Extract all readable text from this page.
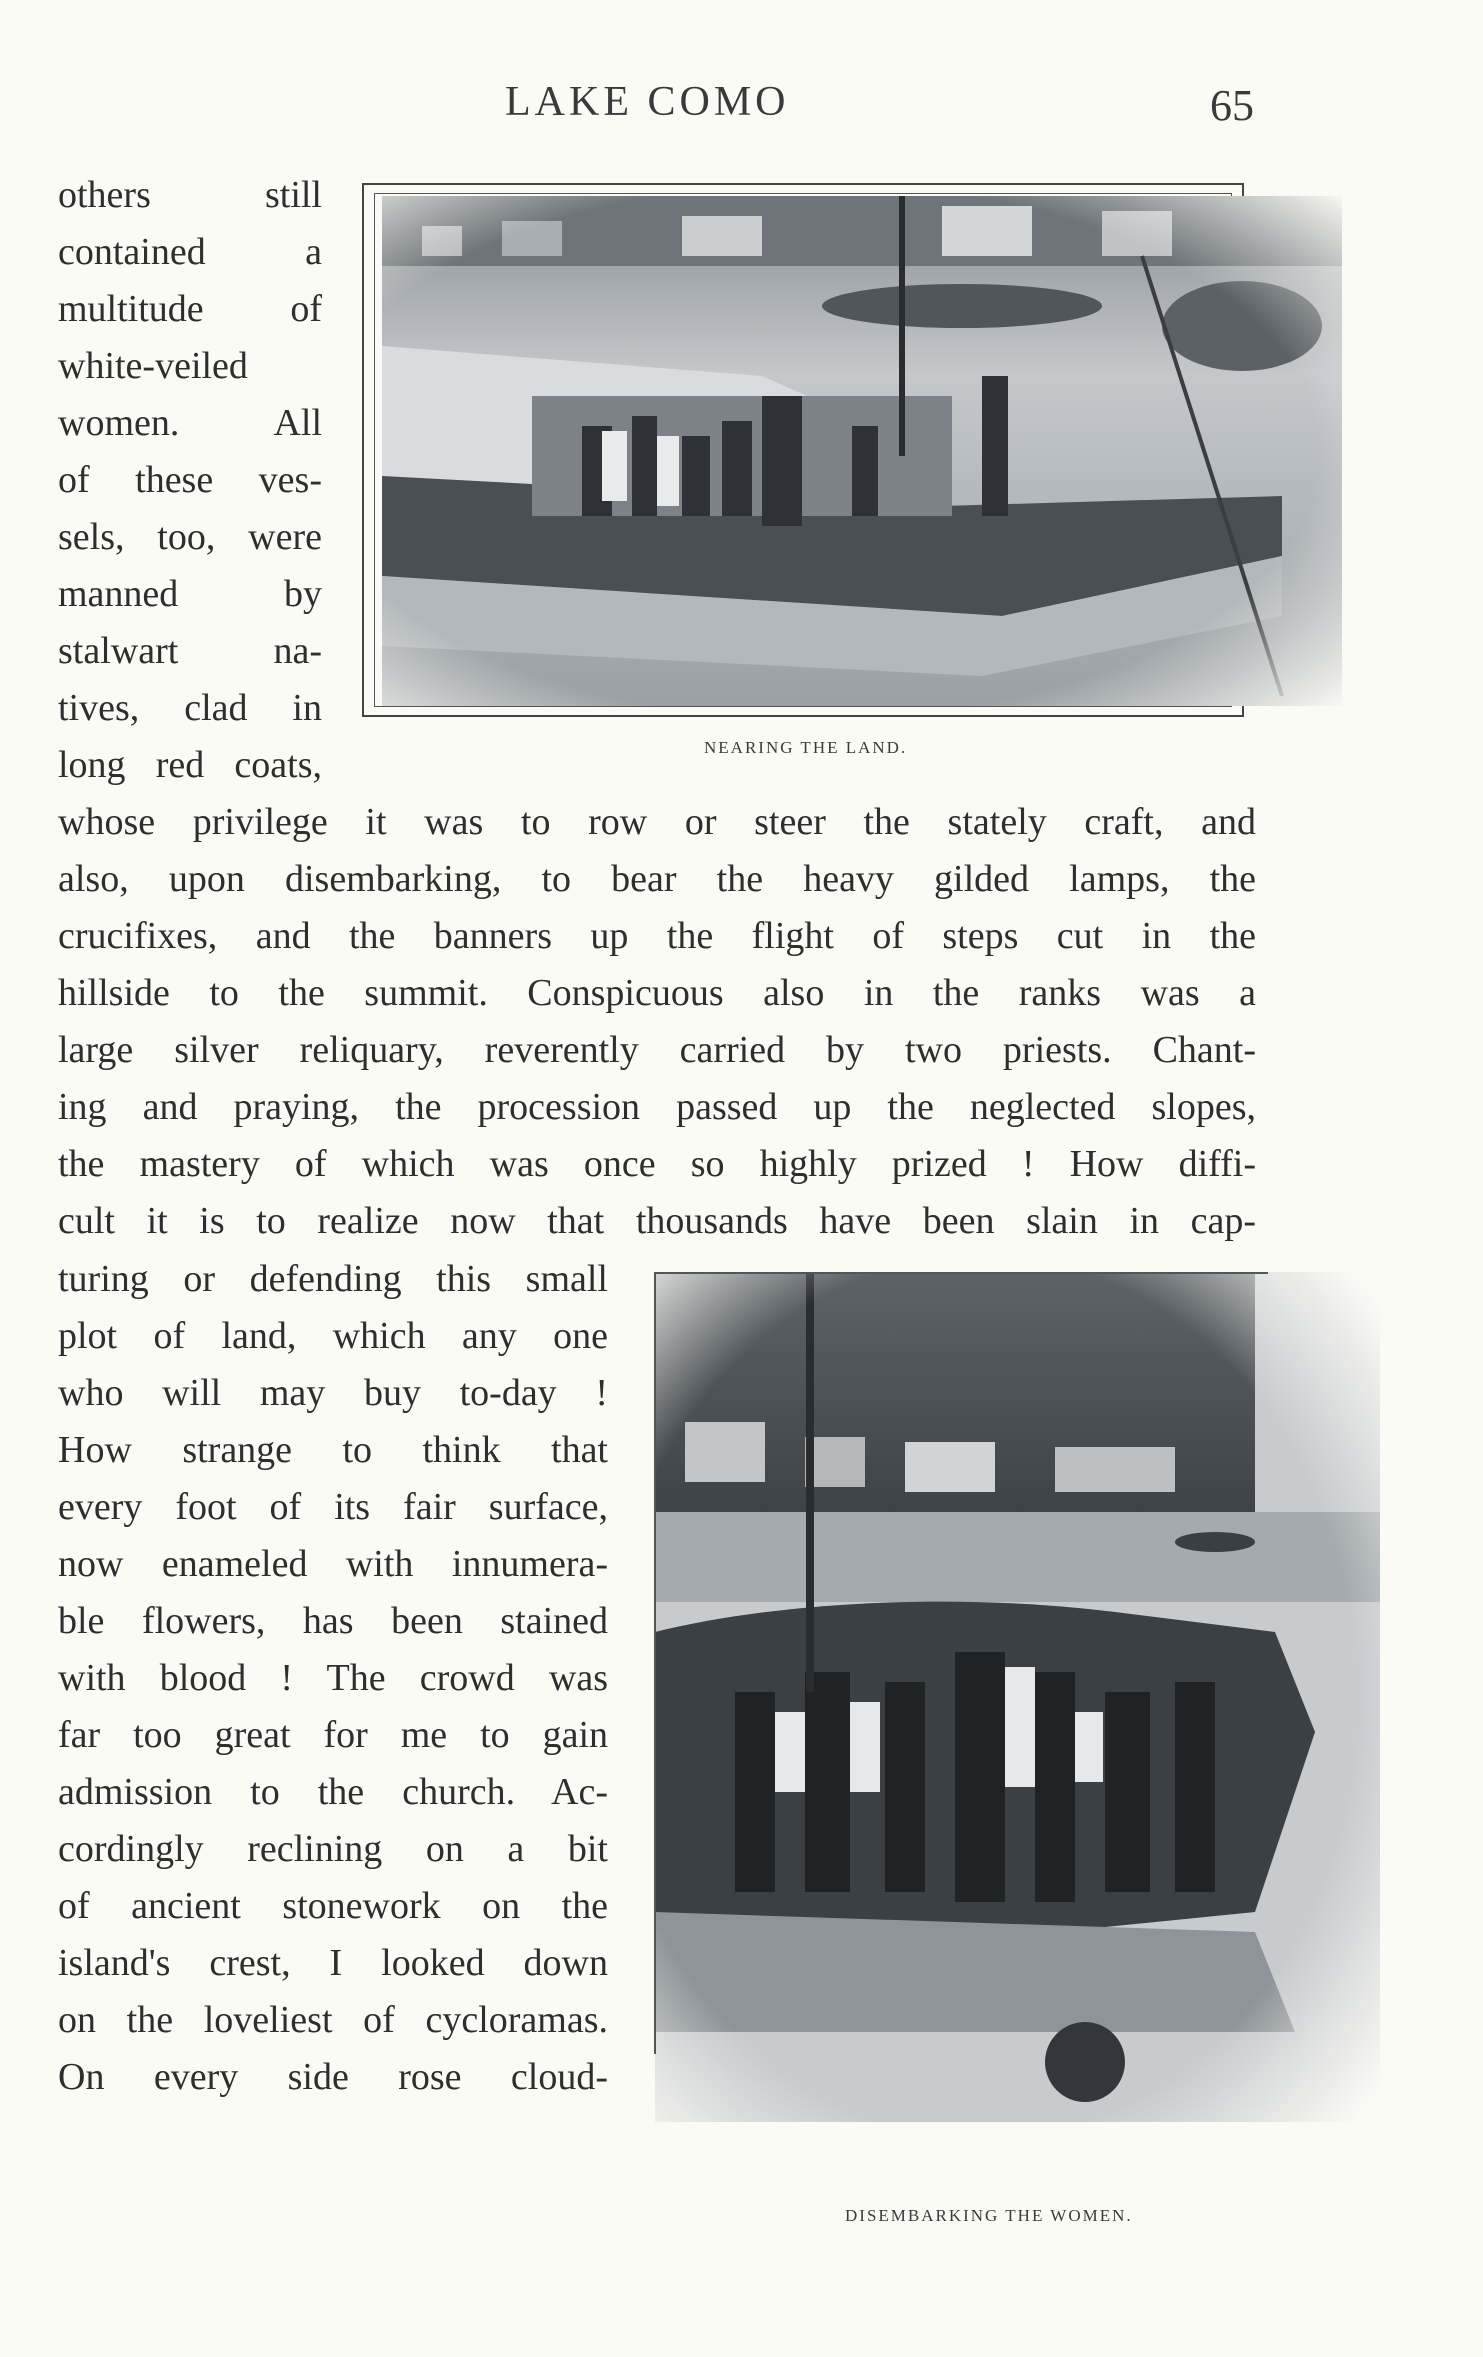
LAKE COMO	65
NEARING THE LAND.
others still
contained a
multitude of
white-veiled
women. All
of these ves-
sels, too, were
manned by
stalwart na-
tives, clad in
long red coats,
whose privilege it was to row or steer the stately craft, and
also, upon disembarking, to bear the heavy gilded lamps, the
crucifixes, and the banners up the flight of steps cut in the
hillside to the summit. Conspicuous also in the ranks was a
large silver reliquary, reverently carried by two priests. Chant-
ing and praying, the procession passed up the neglected slopes,
the mastery of which was once so highly prized ! How diffi-
cult it is to realize now that thousands have been slain in cap-
DISEMBARKING THE WOMEN.
turing or defending this small
plot of land, which any one
who will may buy to-day !
How strange to think that
every foot of its fair surface,
now enameled with innumera-
ble flowers, has been stained
with blood ! The crowd was
far too great for me to gain
admission to the church. Ac-
cordingly reclining on a bit
of ancient stonework on the
island's crest, I looked down
on the loveliest of cycloramas.
On every side rose cloud-
